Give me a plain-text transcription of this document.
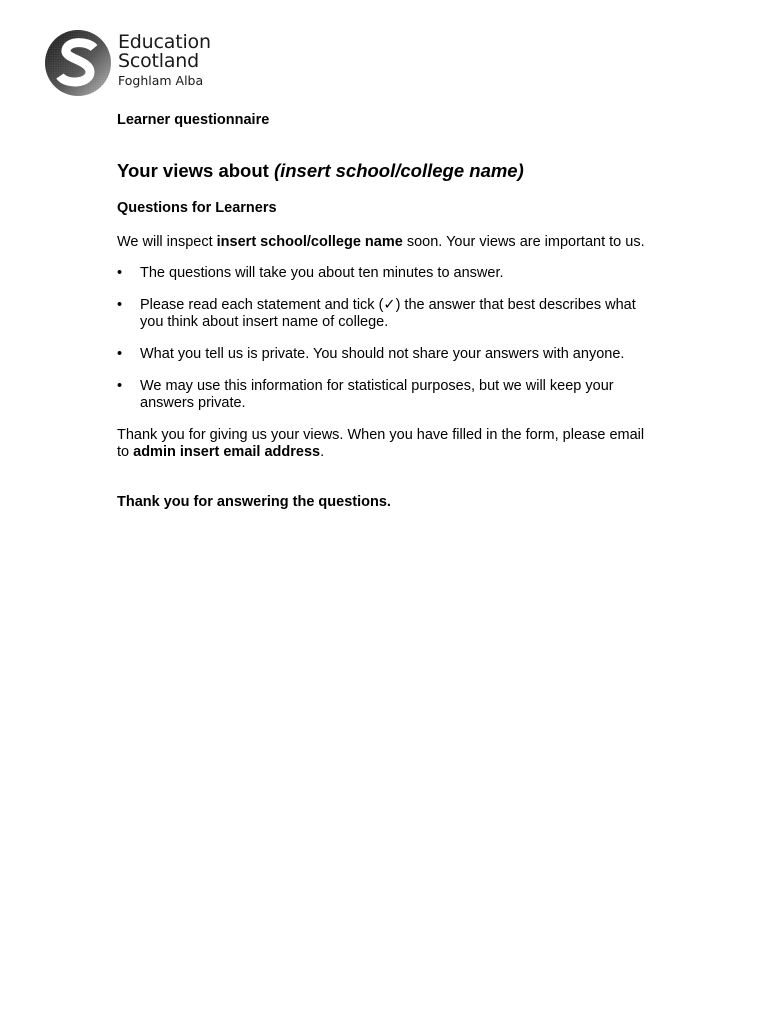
Education
Scotland
Foghlam Alba

Learner questionnaire

Your views about (insert school/college name)
Questions for Learners

We will inspect insert school/college name soon. Your views are important to us.

• The questions will take you about ten minutes to answer.
• Please read each statement and tick (✓) the answer that best describes what you think about insert name of college.
• What you tell us is private. You should not share your answers with anyone.
• We may use this information for statistical purposes, but we will keep your answers private.

Thank you for giving us your views. When you have filled in the form, please email to admin insert email address.

Thank you for answering the questions.
